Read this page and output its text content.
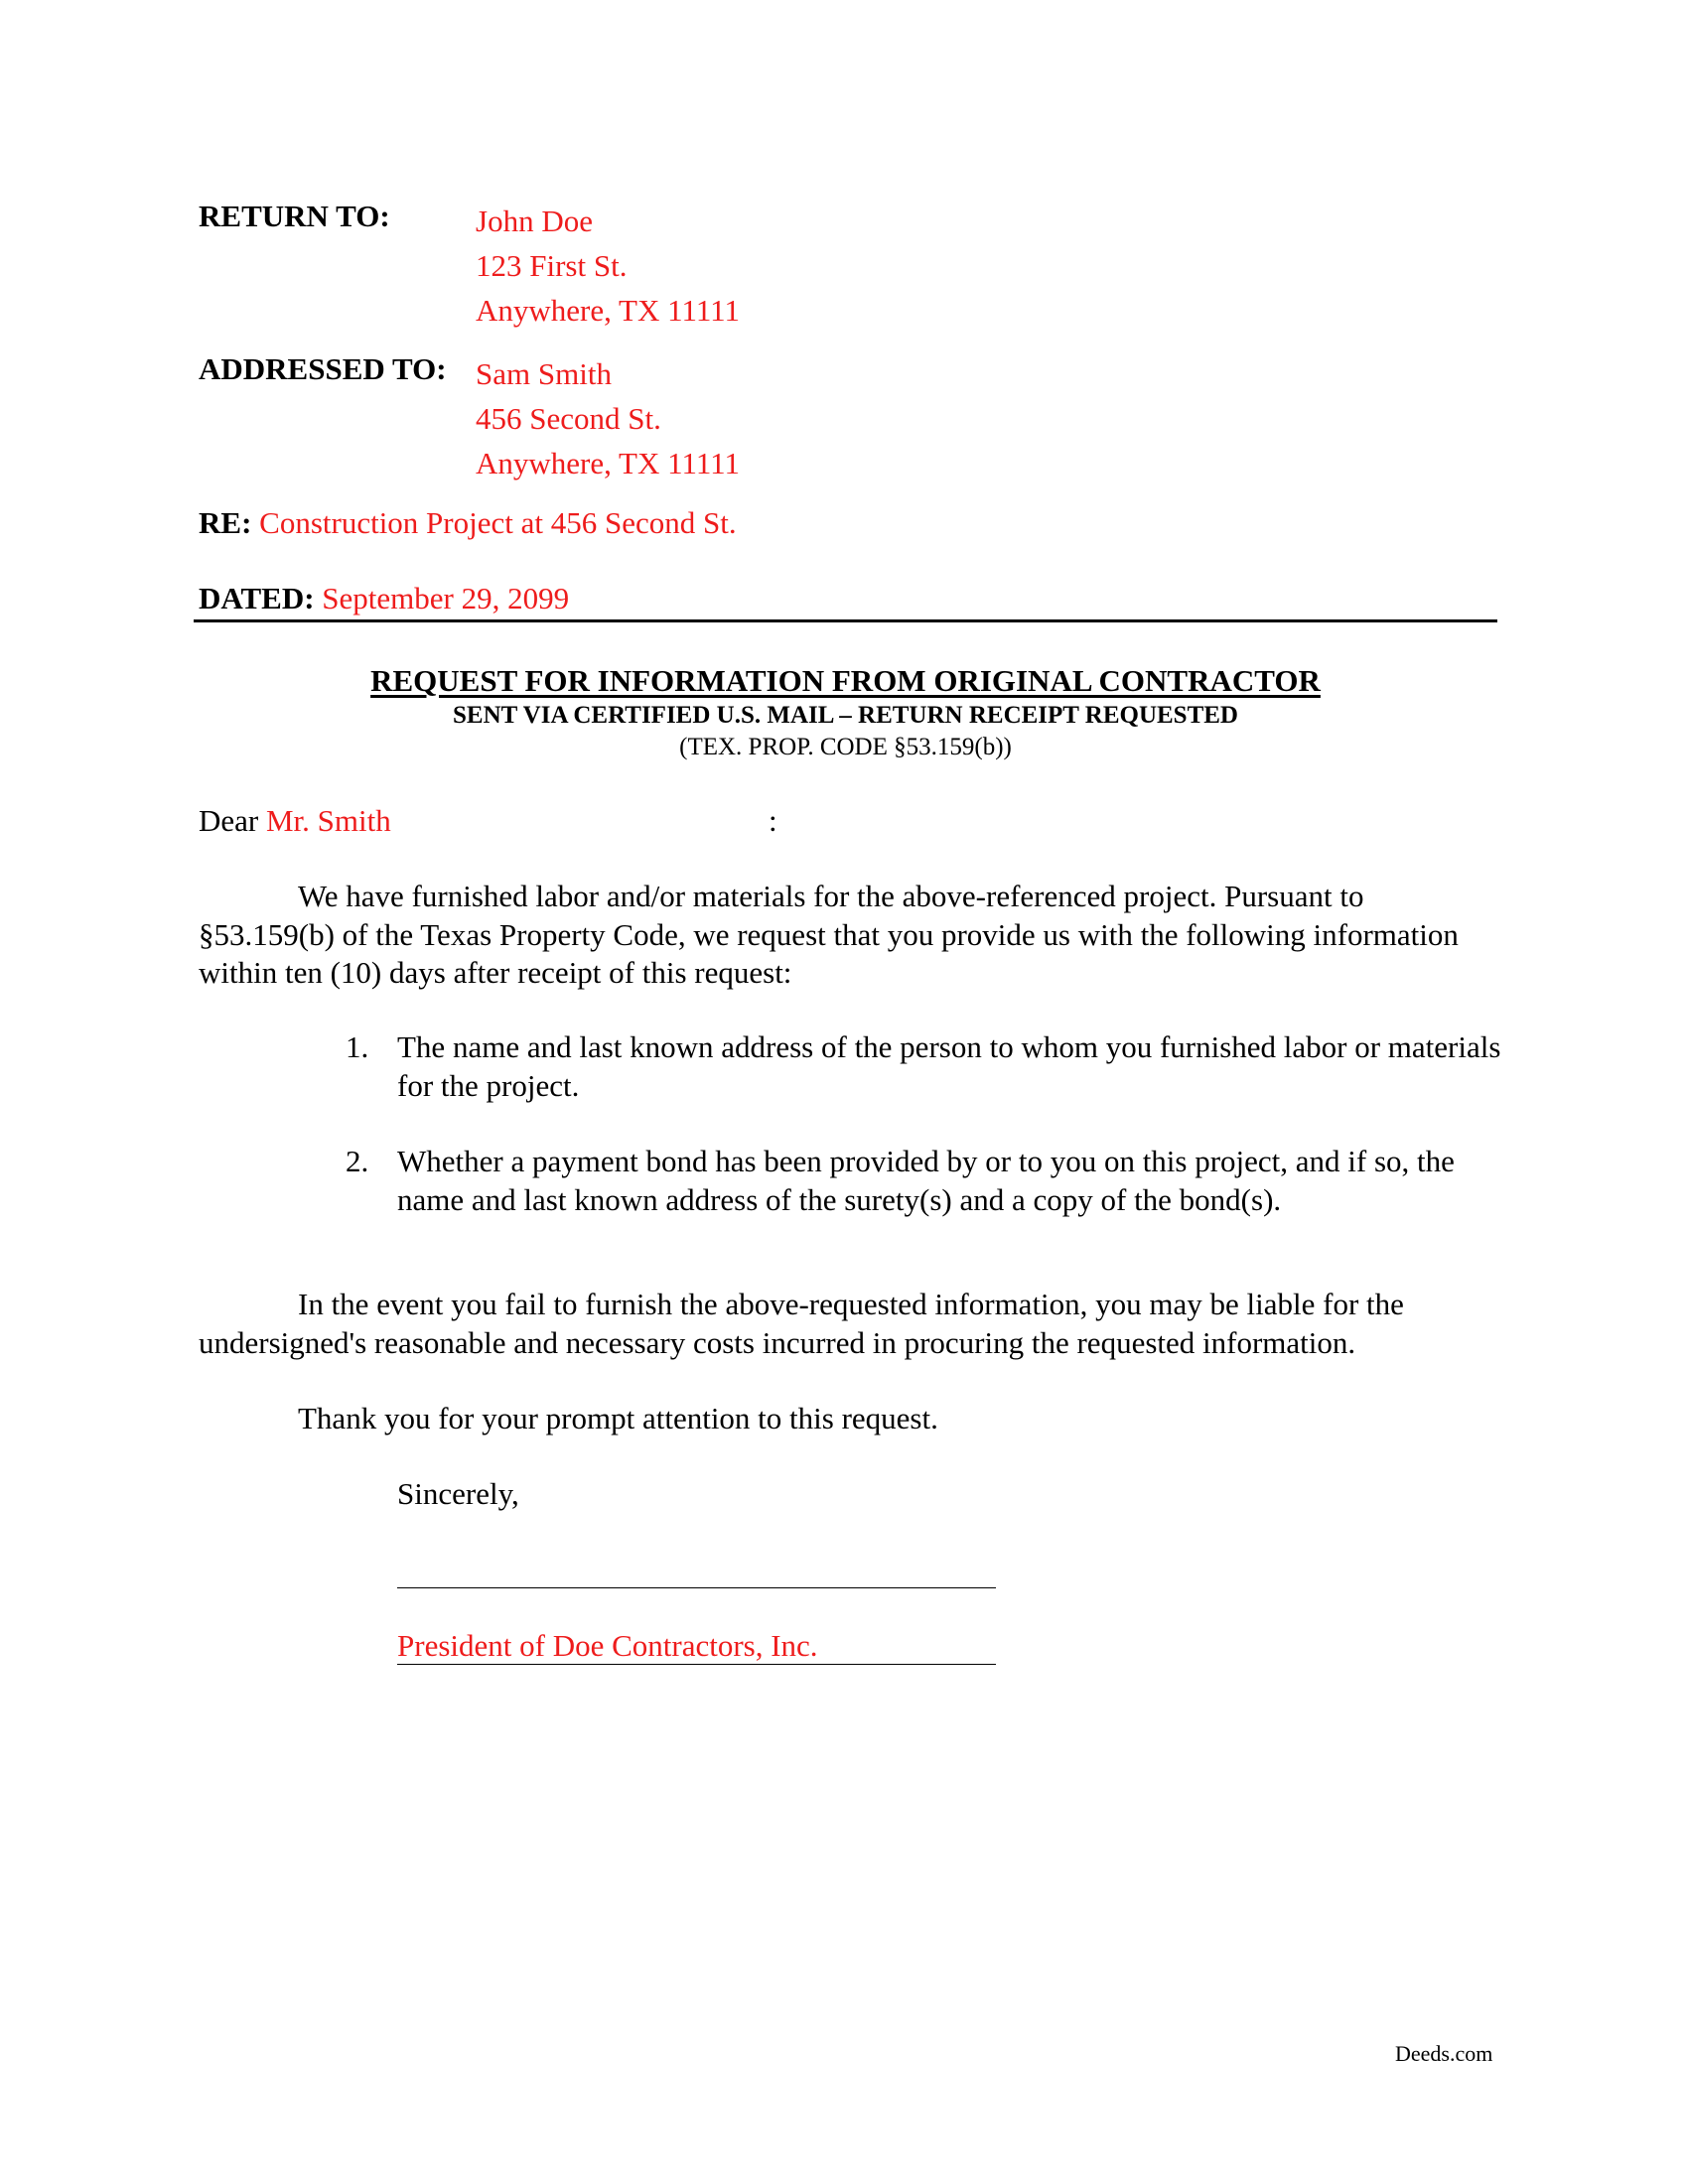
RETURN TO:	John Doe
123 First St.
Anywhere, TX 11111
ADDRESSED TO: Sam Smith
456 Second St.
Anywhere, TX 11111
RE: Construction Project at 456 Second St.
DATED: September 29, 2099
REQUEST FOR INFORMATION FROM ORIGINAL CONTRACTOR
SENT VIA CERTIFIED U.S. MAIL – RETURN RECEIPT REQUESTED
(TEX. PROP. CODE §53.159(b))
Dear Mr. Smith	:
We have furnished labor and/or materials for the above-referenced project. Pursuant to §53.159(b) of the Texas Property Code, we request that you provide us with the following information within ten (10) days after receipt of this request:
1. The name and last known address of the person to whom you furnished labor or materials for the project.
2. Whether a payment bond has been provided by or to you on this project, and if so, the name and last known address of the surety(s) and a copy of the bond(s).
In the event you fail to furnish the above-requested information, you may be liable for the undersigned's reasonable and necessary costs incurred in procuring the requested information.
Thank you for your prompt attention to this request.
Sincerely,
President of Doe Contractors, Inc.
Deeds.com
